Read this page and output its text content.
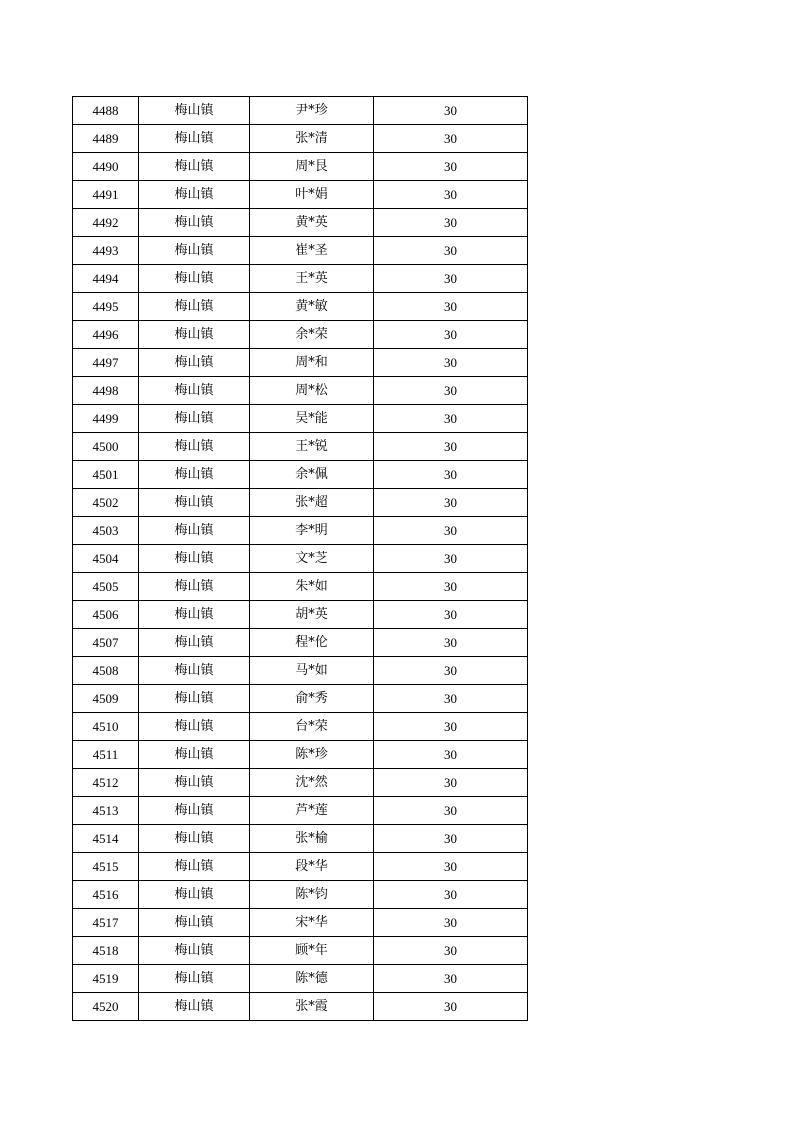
4488	梅山镇	尹*珍	30
4489	梅山镇	张*清	30
4490	梅山镇	周*艮	30
4491	梅山镇	叶*娟	30
4492	梅山镇	黄*英	30
4493	梅山镇	崔*圣	30
4494	梅山镇	王*英	30
4495	梅山镇	黄*敏	30
4496	梅山镇	余*荣	30
4497	梅山镇	周*和	30
4498	梅山镇	周*松	30
4499	梅山镇	吴*能	30
4500	梅山镇	王*锐	30
4501	梅山镇	余*佩	30
4502	梅山镇	张*超	30
4503	梅山镇	李*明	30
4504	梅山镇	文*芝	30
4505	梅山镇	朱*如	30
4506	梅山镇	胡*英	30
4507	梅山镇	程*伦	30
4508	梅山镇	马*如	30
4509	梅山镇	俞*秀	30
4510	梅山镇	台*荣	30
4511	梅山镇	陈*珍	30
4512	梅山镇	沈*然	30
4513	梅山镇	芦*莲	30
4514	梅山镇	张*榆	30
4515	梅山镇	段*华	30
4516	梅山镇	陈*钧	30
4517	梅山镇	宋*华	30
4518	梅山镇	顾*年	30
4519	梅山镇	陈*德	30
4520	梅山镇	张*霞	30
